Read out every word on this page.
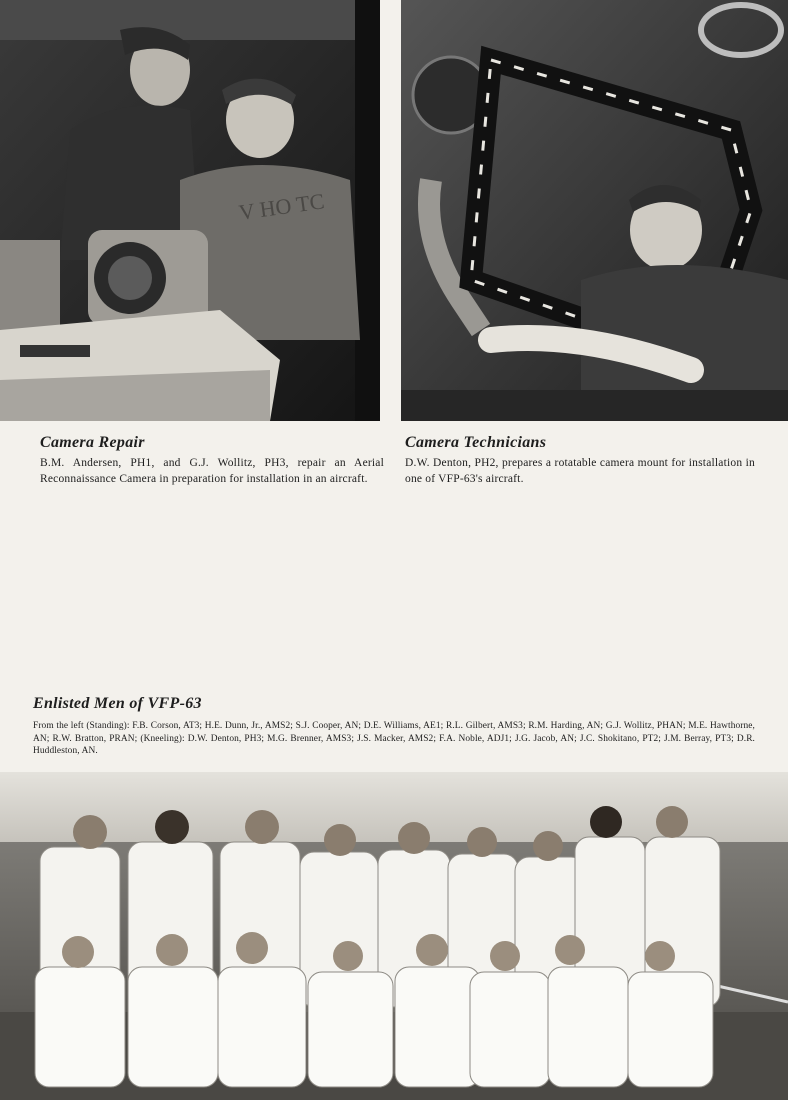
V HO TC
Camera Repair

B.M. Andersen, PH1, and G.J. Wollitz, PH3, repair an Aerial Reconnaissance Camera in preparation for installation in an aircraft.

Camera Technicians

D.W. Denton, PH2, prepares a rotatable camera mount for installation in one of VFP-63's aircraft.

Enlisted Men of VFP-63

From the left (Standing): F.B. Corson, AT3; H.E. Dunn, Jr., AMS2; S.J. Cooper, AN; D.E. Williams, AE1; R.L. Gilbert, AMS3; R.M. Harding, AN; G.J. Wollitz, PHAN; M.E. Hawthorne, AN; R.W. Bratton, PRAN; (Kneeling): D.W. Denton, PH3; M.G. Brenner, AMS3; J.S. Macker, AMS2; F.A. Noble, ADJ1; J.G. Jacob, AN; J.C. Shokitano, PT2; J.M. Berray, PT3; D.R. Huddleston, AN.
